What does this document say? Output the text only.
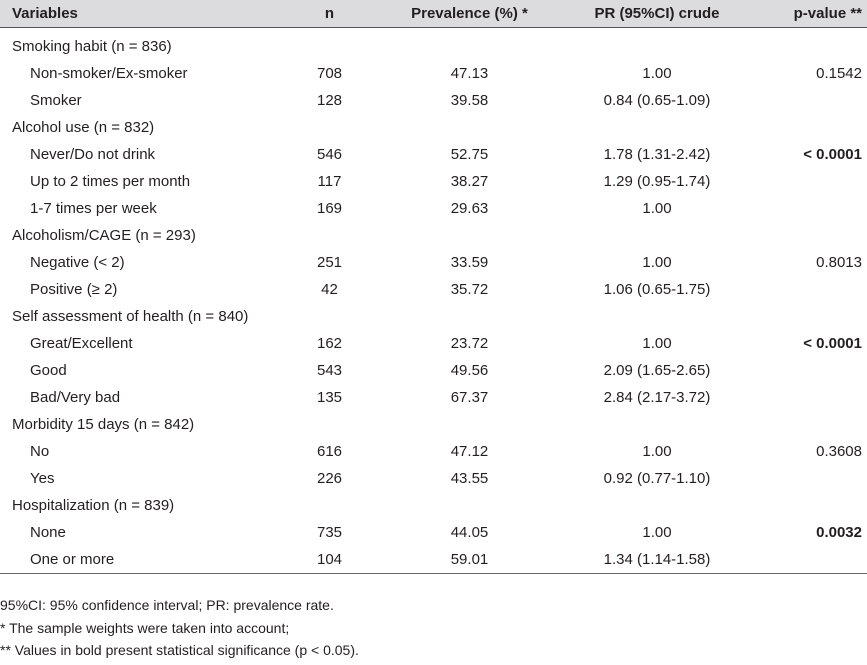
Variables	n	Prevalence (%) *	PR (95%CI) crude	p-value **
Smoking habit (n = 836)				
Non-smoker/Ex-smoker	708	47.13	1.00	0.1542
Smoker	128	39.58	0.84 (0.65-1.09)	
Alcohol use (n = 832)				
Never/Do not drink	546	52.75	1.78 (1.31-2.42)	< 0.0001
Up to 2 times per month	117	38.27	1.29 (0.95-1.74)	
1-7 times per week	169	29.63	1.00	
Alcoholism/CAGE (n = 293)				
Negative (< 2)	251	33.59	1.00	0.8013
Positive (≥ 2)	42	35.72	1.06 (0.65-1.75)	
Self assessment of health (n = 840)				
Great/Excellent	162	23.72	1.00	< 0.0001
Good	543	49.56	2.09 (1.65-2.65)	
Bad/Very bad	135	67.37	2.84 (2.17-3.72)	
Morbidity 15 days (n = 842)				
No	616	47.12	1.00	0.3608
Yes	226	43.55	0.92 (0.77-1.10)	
Hospitalization (n = 839)				
None	735	44.05	1.00	0.0032
One or more	104	59.01	1.34 (1.14-1.58)	
95%CI: 95% confidence interval; PR: prevalence rate.
* The sample weights were taken into account;
** Values in bold present statistical significance (p < 0.05).
